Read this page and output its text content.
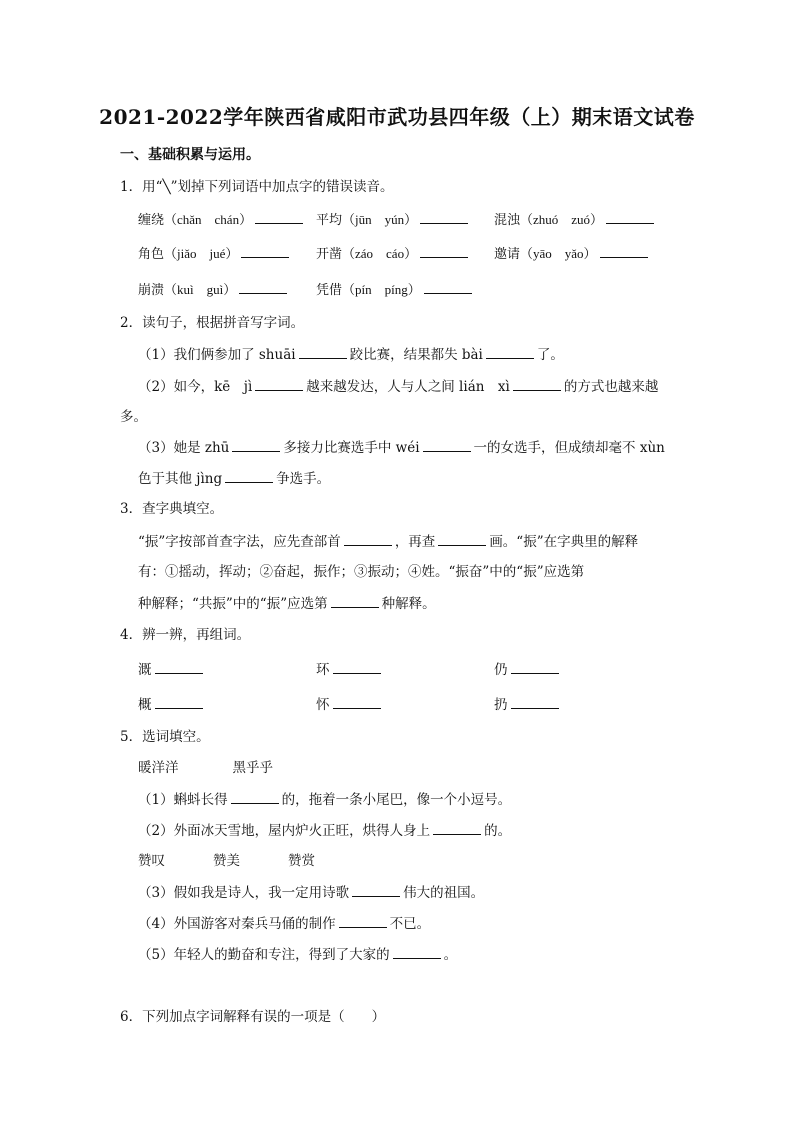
2021-2022学年陕西省咸阳市武功县四年级（上）期末语文试卷
一、基础积累与运用。
1．用“╲”划掉下列词语中加点字的错误读音。
缠绕（chǎn　chán）	平均（jūn　yún）	混浊（zhuó　zuó）
角色（jiǎo　jué）	开凿（záo　cáo）	邀请（yāo　yǎo）
崩溃（kuì　guì）	凭借（pín　píng）
2．读句子，根据拼音写字词。
（1）我们俩参加了 shuāi	跤比赛，结果都失 bài	了。
（2）如今，kē　jì	越来越发达，人与人之间 lián　xì	的方式也越来越
多。
（3）她是 zhū	多接力比赛选手中 wéi	一的女选手，但成绩却毫不 xùn
色于其他 jìng	争选手。
3．查字典填空。
“振”字按部首查字法，应先查部首	，再查	画。“振”在字典里的解释
有：①摇动，挥动；②奋起，振作；③振动；④姓。“振奋”中的“振”应选第
种解释；“共振”中的“振”应选第	种解释。
4．辨一辨，再组词。
溉	环	仍
概	怀	扔
5．选词填空。
暖洋洋	黑乎乎
（1）蝌蚪长得	的，拖着一条小尾巴，像一个小逗号。
（2）外面冰天雪地，屋内炉火正旺，烘得人身上	的。
赞叹	赞美	赞赏
（3）假如我是诗人，我一定用诗歌	伟大的祖国。
（4）外国游客对秦兵马俑的制作	不已。
（5）年轻人的勤奋和专注，得到了大家的	。
6．下列加点字词解释有误的一项是（　　）
